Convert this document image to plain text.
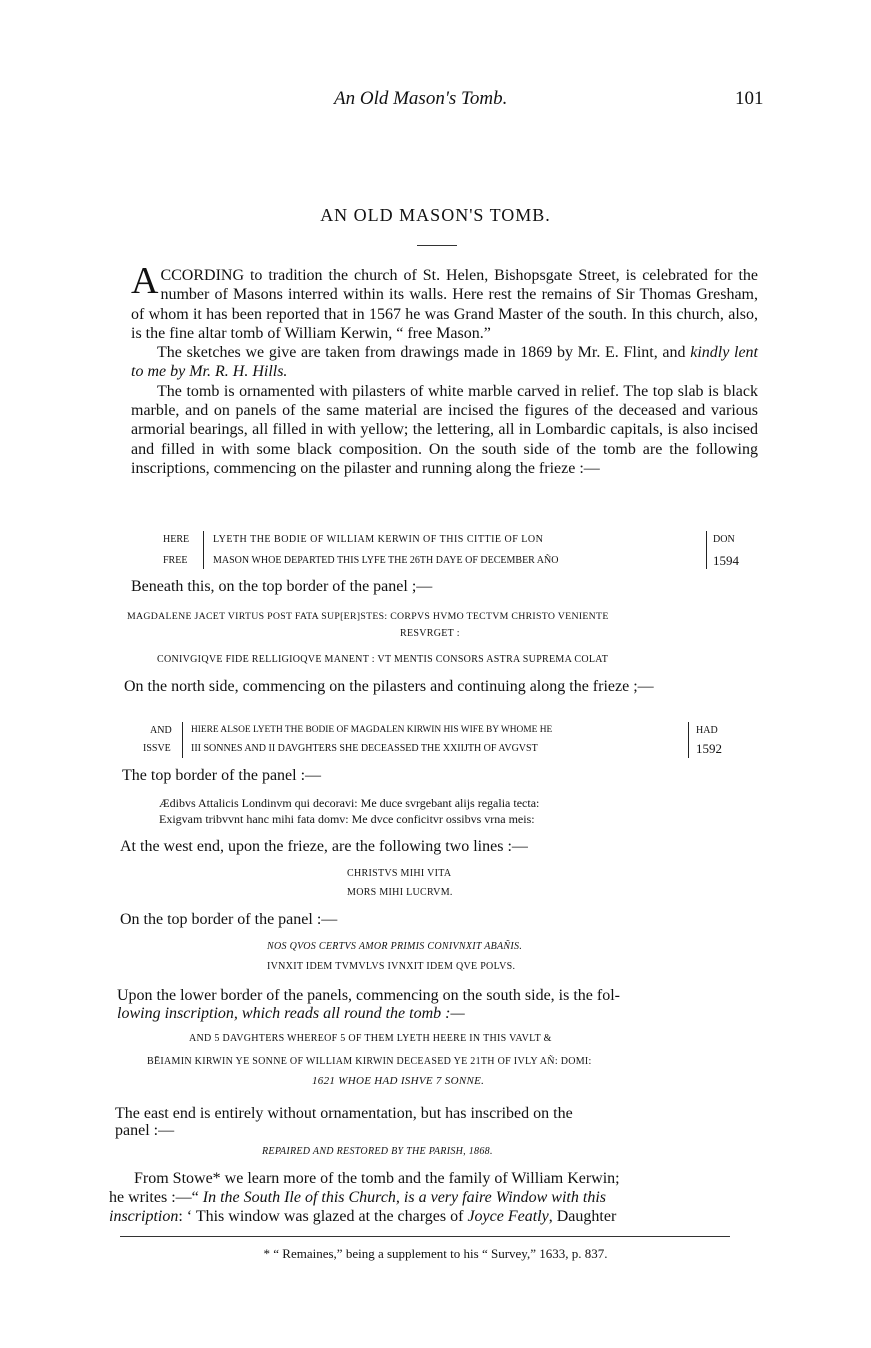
An Old Mason's Tomb.	101
AN OLD MASON'S TOMB.
ACCORDING to tradition the church of St. Helen, Bishopsgate Street, is celebrated for the number of Masons interred within its walls. Here rest the remains of Sir Thomas Gresham, of whom it has been reported that in 1567 he was Grand Master of the south. In this church, also, is the fine altar tomb of William Kerwin, “ free Mason.”
The sketches we give are taken from drawings made in 1869 by Mr. E. Flint, and kindly lent to me by Mr. R. H. Hills.
The tomb is ornamented with pilasters of white marble carved in relief. The top slab is black marble, and on panels of the same material are incised the figures of the deceased and various armorial bearings, all filled in with yellow; the lettering, all in Lombardic capitals, is also incised and filled in with some black composition. On the south side of the tomb are the following inscriptions, commencing on the pilaster and running along the frieze :—
HERE
FREE
LYETH THE BODIE OF WILLIAM KERWIN OF THIS CITTIE OF LON
MASON WHOE DEPARTED THIS LYFE THE 26TH DAYE OF DECEMBER AÑO
DON
1594
Beneath this, on the top border of the panel ;—
MAGDALENE JACET VIRTUS POST FATA SUP[ER]STES: CORPVS HVMO TECTVM CHRISTO VENIENTE
RESVRGET :
CONIVGIQVE FIDE RELLIGIOQVE MANENT : VT MENTIS CONSORS ASTRA SUPREMA COLAT
On the north side, commencing on the pilasters and continuing along the frieze ;—
AND
ISSVE
HIERE ALSOE LYETH THE BODIE OF MAGDALEN KIRWIN HIS WIFE BY WHOME HE
III SONNES AND II DAVGHTERS SHE DECEASSED THE XXIIJTH OF AVGVST
HAD
1592
The top border of the panel :—
Ædibvs Attalicis Londinvm qui decoravi: Me duce svrgebant alijs regalia tecta:
Exigvam tribvvnt hanc mihi fata domv: Me dvce conficitvr ossibvs vrna meis:
At the west end, upon the frieze, are the following two lines :—
CHRISTVS MIHI VITA
MORS MIHI LUCRVM.
On the top border of the panel :—
NOS QVOS CERTVS AMOR PRIMIS CONIVNXIT ABAÑIS.
IVNXIT IDEM TVMVLVS IVNXIT IDEM QVE POLVS.
Upon the lower border of the panels, commencing on the south side, is the fol-
lowing inscription, which reads all round the tomb :—
AND 5 DAVGHTERS WHEREOF 5 OF THEM LYETH HEERE IN THIS VAVLT &
BĒIAMIN KIRWIN YE SONNE OF WILLIAM KIRWIN DECEASED YE 21TH OF IVLY AÑ: DOMI:
1621 WHOE HAD ISHVE 7 SONNE.
The east end is entirely without ornamentation, but has inscribed on the
panel :—
REPAIRED AND RESTORED BY THE PARISH, 1868.
From Stowe* we learn more of the tomb and the family of William Kerwin;
he writes :—“ In the South Ile of this Church, is a very faire Window with this
inscription: ‘ This window was glazed at the charges of Joyce Featly, Daughter
* “ Remaines,” being a supplement to his “ Survey,” 1633, p. 837.
